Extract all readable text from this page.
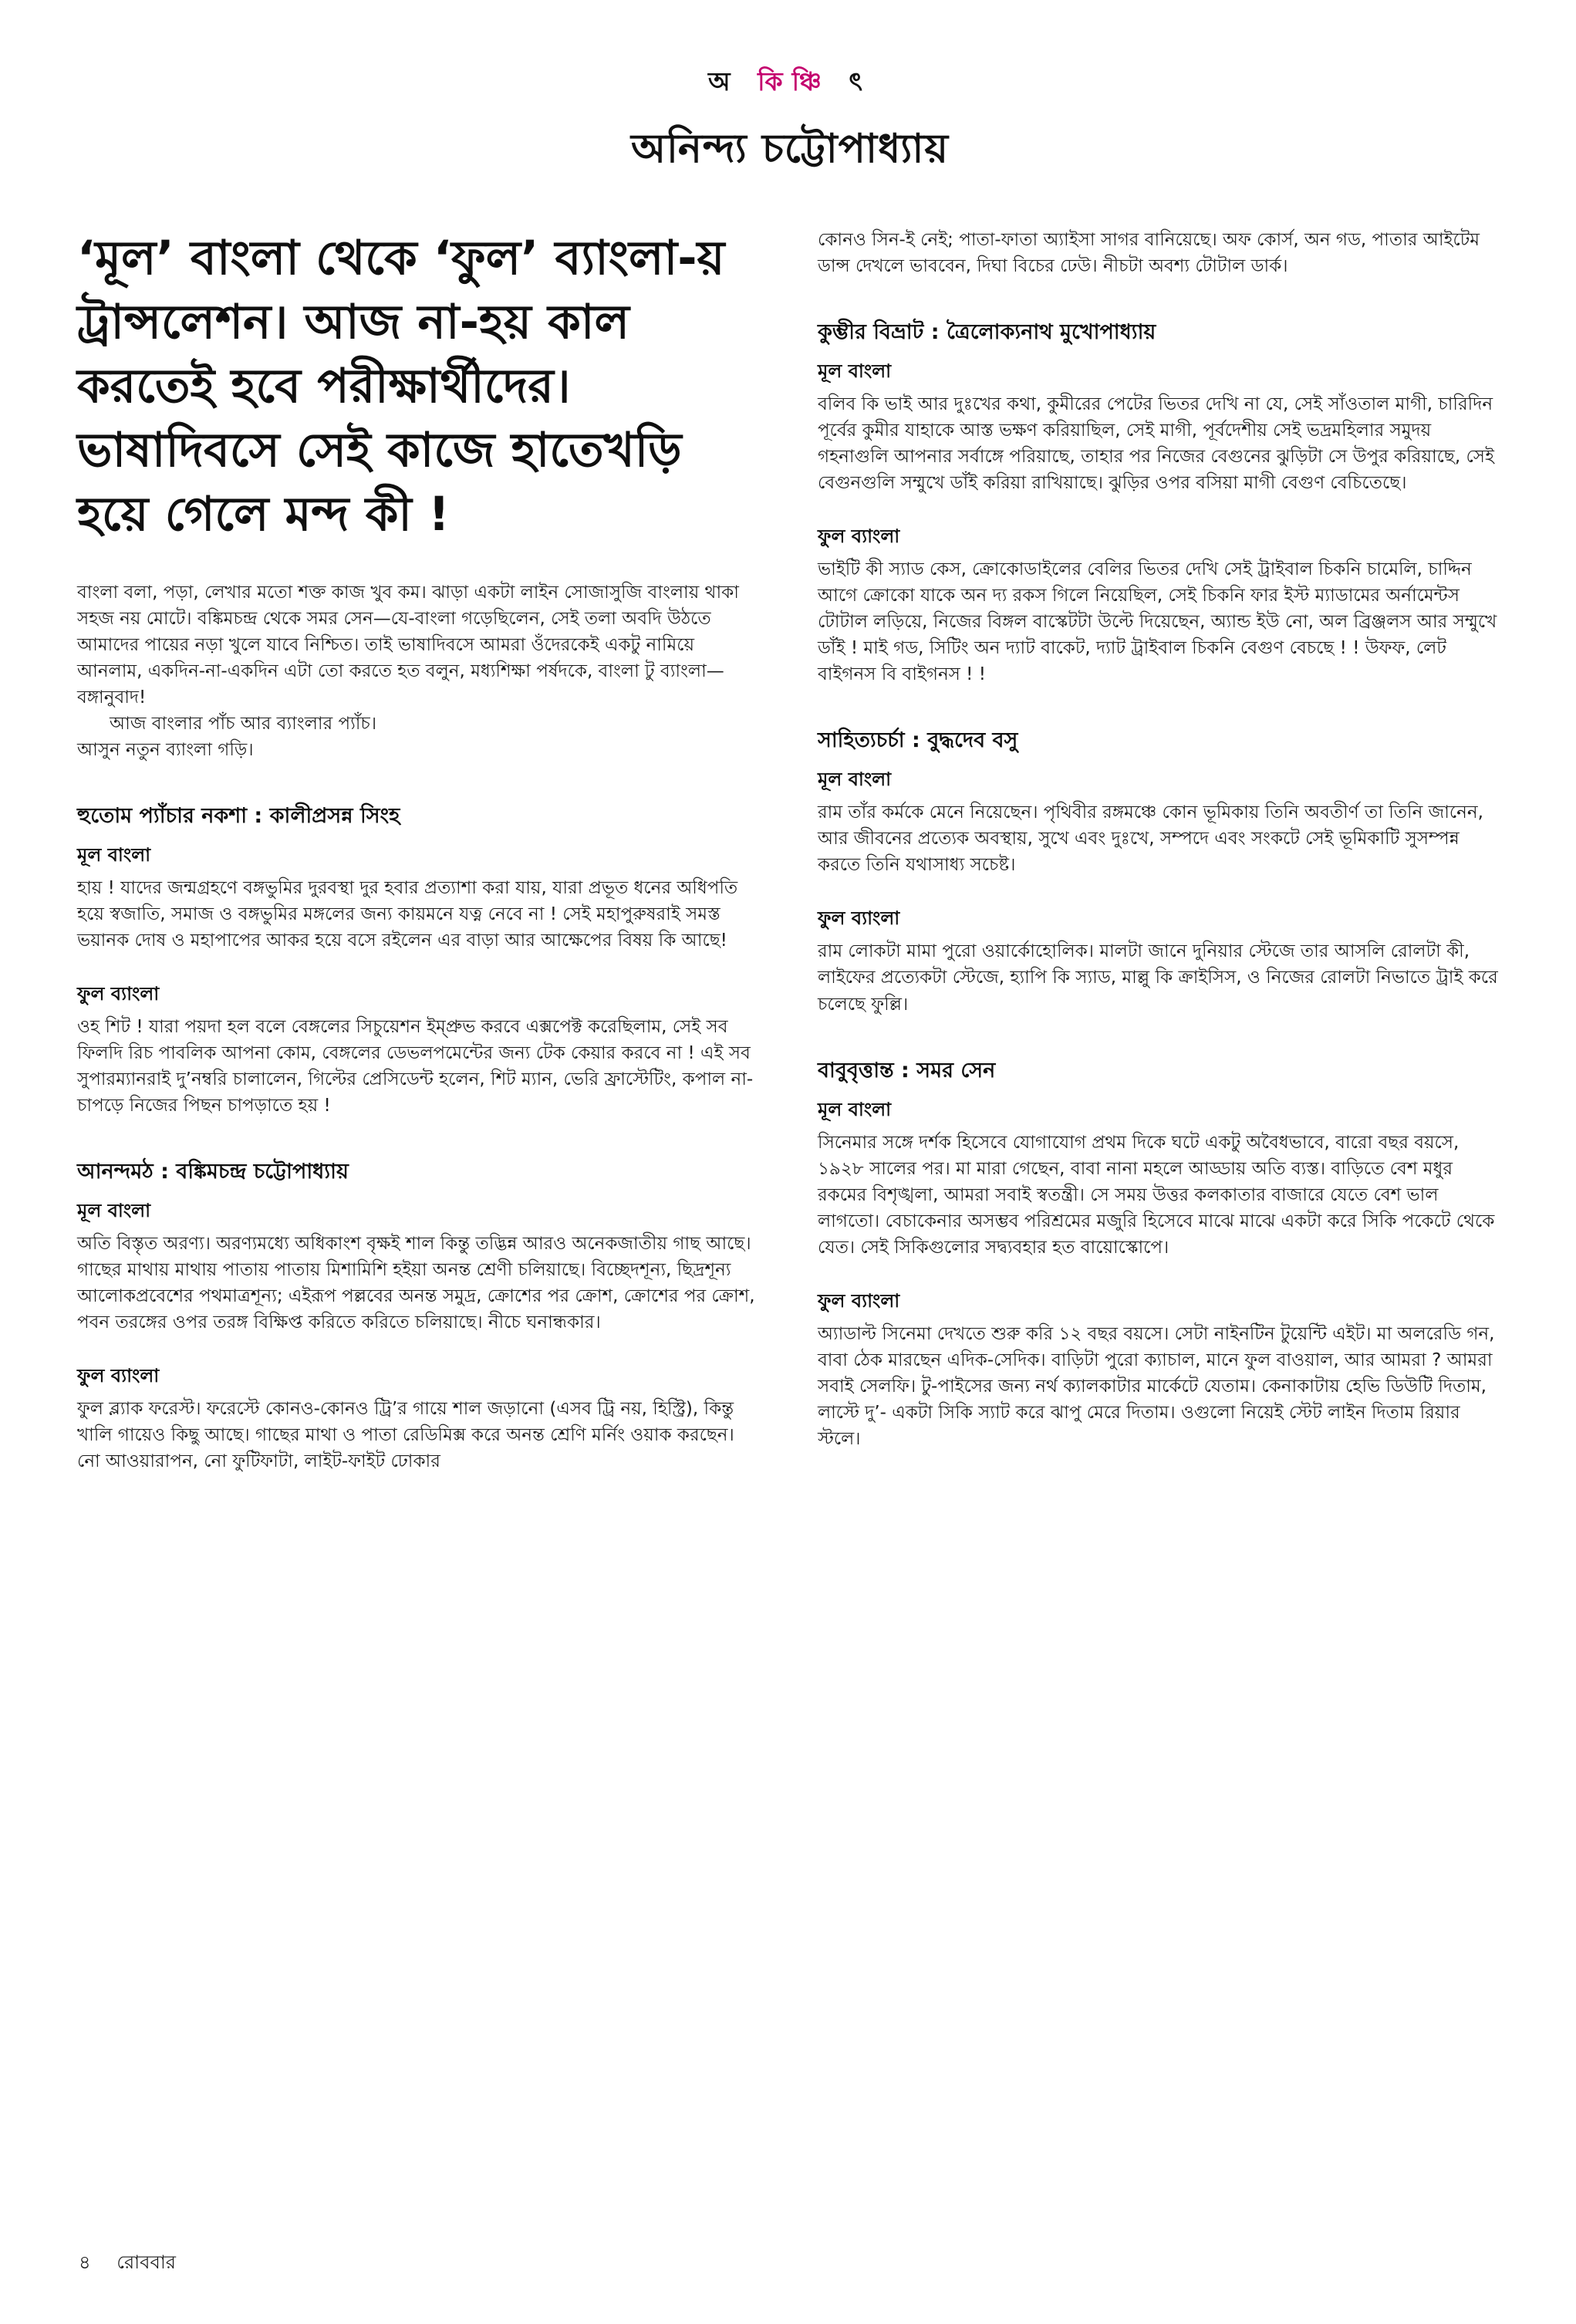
অ কিঞ্চি ৎ
অনিন্দ্য চট্টোপাধ্যায়
‘মূল’ বাংলা থেকে ‘ফুল’ ব্যাংলা-য় ট্রান্সলেশন। আজ না-হয় কাল করতেই হবে পরীক্ষার্থীদের। ভাষাদিবসে সেই কাজে হাতেখড়ি হয়ে গেলে মন্দ কী !

বাংলা বলা, পড়া, লেখার মতো শক্ত কাজ খুব কম। ঝাড়া একটা লাইন সোজাসুজি বাংলায় থাকা সহজ নয় মোটে। বঙ্কিমচন্দ্র থেকে সমর সেন—যে-বাংলা গড়েছিলেন, সেই তলা অবদি উঠতে আমাদের পায়ের নড়া খুলে যাবে নিশ্চিত। তাই ভাষাদিবসে আমরা ওঁদেরকেই একটু নামিয়ে আনলাম, একদিন-না-একদিন এটা তো করতে হত বলুন, মধ্যশিক্ষা পর্ষদকে, বাংলা টু ব্যাংলা—বঙ্গানুবাদ!

আজ বাংলার পাঁচ আর ব্যাংলার প্যাঁচ।

আসুন নতুন ব্যাংলা গড়ি।

হুতোম প্যাঁচার নকশা : কালীপ্রসন্ন সিংহ
মূল বাংলা

হায় ! যাদের জন্মগ্রহণে বঙ্গভুমির দুরবস্থা দুর হবার প্রত্যাশা করা যায়, যারা প্রভূত ধনের অধিপতি হয়ে স্বজাতি, সমাজ ও বঙ্গভুমির মঙ্গলের জন্য কায়মনে যত্ন নেবে না ! সেই মহাপুরুষরাই সমস্ত ভয়ানক দোষ ও মহাপাপের আকর হয়ে বসে রইলেন এর বাড়া আর আক্ষেপের বিষয় কি আছে!

ফুল ব্যাংলা

ওহ শিট ! যারা পয়দা হল বলে বেঙ্গলের সিচুয়েশন ইম্প্রুভ করবে এক্সপেক্ট করেছিলাম, সেই সব ফিলদি রিচ পাবলিক আপনা কোম, বেঙ্গলের ডেভলপমেন্টের জন্য টেক কেয়ার করবে না ! এই সব সুপারম্যানরাই দু’নম্বরি চালালেন, গিল্টের প্রেসিডেন্ট হলেন, শিট ম্যান, ভেরি ফ্রাস্টেটিং, কপাল না-চাপড়ে নিজের পিছন চাপড়াতে হয় !

আনন্দমঠ : বঙ্কিমচন্দ্র চট্টোপাধ্যায়
মূল বাংলা

অতি বিস্তৃত অরণ্য। অরণ্যমধ্যে অধিকাংশ বৃক্ষই শাল কিন্তু তদ্ভিন্ন আরও অনেকজাতীয় গাছ আছে। গাছের মাথায় মাথায় পাতায় পাতায় মিশামিশি হইয়া অনন্ত শ্রেণী চলিয়াছে। বিচ্ছেদশূন্য, ছিদ্রশূন্য আলোকপ্রবেশের পথমাত্রশূন্য; এইরূপ পল্লবের অনন্ত সমুদ্র, ক্রোশের পর ক্রোশ, ক্রোশের পর ক্রোশ, পবন তরঙ্গের ওপর তরঙ্গ বিক্ষিপ্ত করিতে করিতে চলিয়াছে। নীচে ঘনান্ধকার।

ফুল ব্যাংলা

ফুল ব্ল্যাক ফরেস্ট। ফরেস্টে কোনও-কোনও ট্রি’র গায়ে শাল জড়ানো (এসব ট্রি নয়, হিস্ট্রি), কিন্তু খালি গায়েও কিছু আছে। গাছের মাথা ও পাতা রেডিমিক্স করে অনন্ত শ্রেণি মর্নিং ওয়াক করছেন। নো আওয়ারাপন, নো ফুটিফাটা, লাইট-ফাইট ঢোকার

কোনও সিন-ই নেই; পাতা-ফাতা অ্যাইসা সাগর বানিয়েছে। অফ কোর্স, অন গড, পাতার আইটেম ডান্স দেখলে ভাববেন, দিঘা বিচের ঢেউ। নীচটা অবশ্য টোটাল ডার্ক।

কুম্ভীর বিভ্রাট : ত্রৈলোক্যনাথ মুখোপাধ্যায়
মূল বাংলা

বলিব কি ভাই আর দুঃখের কথা, কুমীরের পেটের ভিতর দেখি না যে, সেই সাঁওতাল মাগী, চারিদিন পূর্বের কুমীর যাহাকে আস্ত ভক্ষণ করিয়াছিল, সেই মাগী, পূর্বদেশীয় সেই ভদ্রমহিলার সমুদয় গহনাগুলি আপনার সর্বাঙ্গে পরিয়াছে, তাহার পর নিজের বেগুনের ঝুড়িটা সে উপুর করিয়াছে, সেই বেগুনগুলি সম্মুখে ডাঁই করিয়া রাখিয়াছে। ঝুড়ির ওপর বসিয়া মাগী বেগুণ বেচিতেছে।

ফুল ব্যাংলা

ভাইটি কী স্যাড কেস, ক্রোকোডাইলের বেলির ভিতর দেখি সেই ট্রাইবাল চিকনি চামেলি, চাদ্দিন আগে ক্রোকো যাকে অন দ্য রকস গিলে নিয়েছিল, সেই চিকনি ফার ইস্ট ম্যাডামের অর্নামেন্টস টোটাল লড়িয়ে, নিজের বিঙ্গল বাস্কেটটা উল্টে দিয়েছেন, অ্যান্ড ইউ নো, অল ব্রিঞ্জলস আর সম্মুখে ডাঁই ! মাই গড, সিটিং অন দ্যাট বাকেট, দ্যাট ট্রাইবাল চিকনি বেগুণ বেচছে ! ! উফফ, লেট বাইগনস বি বাইগনস ! !

সাহিত্যচর্চা : বুদ্ধদেব বসু
মূল বাংলা

রাম তাঁর কর্মকে মেনে নিয়েছেন। পৃথিবীর রঙ্গমঞ্চে কোন ভূমিকায় তিনি অবতীর্ণ তা তিনি জানেন, আর জীবনের প্রত্যেক অবস্থায়, সুখে এবং দুঃখে, সম্পদে এবং সংকটে সেই ভূমিকাটি সুসম্পন্ন করতে তিনি যথাসাধ্য সচেষ্ট।

ফুল ব্যাংলা

রাম লোকটা মামা পুরো ওয়ার্কোহোলিক। মালটা জানে দুনিয়ার স্টেজে তার আসলি রোলটা কী, লাইফের প্রত্যেকটা স্টেজে, হ্যাপি কি স্যাড, মাল্লু কি ক্রাইসিস, ও নিজের রোলটা নিভাতে ট্রাই করে চলেছে ফুল্লি।

বাবুবৃত্তান্ত : সমর সেন
মূল বাংলা

সিনেমার সঙ্গে দর্শক হিসেবে যোগাযোগ প্রথম দিকে ঘটে একটু অবৈধভাবে, বারো বছর বয়সে, ১৯২৮ সালের পর। মা মারা গেছেন, বাবা নানা মহলে আড্ডায় অতি ব্যস্ত। বাড়িতে বেশ মধুর রকমের বিশৃঙ্খলা, আমরা সবাই স্বতন্ত্রী। সে সময় উত্তর কলকাতার বাজারে যেতে বেশ ভাল লাগতো। বেচাকেনার অসম্ভব পরিশ্রমের মজুরি হিসেবে মাঝে মাঝে একটা করে সিকি পকেটে থেকে যেত। সেই সিকিগুলোর সদ্ব্যবহার হত বায়োস্কোপে।

ফুল ব্যাংলা

অ্যাডাল্ট সিনেমা দেখতে শুরু করি ১২ বছর বয়সে। সেটা নাইনটিন টুয়েন্টি এইট। মা অলরেডি গন, বাবা ঠেক মারছেন এদিক-সেদিক। বাড়িটা পুরো ক্যাচাল, মানে ফুল বাওয়াল, আর আমরা ? আমরা সবাই সেলফি। টু-পাইসের জন্য নর্থ ক্যালকাটার মার্কেটে যেতাম। কেনাকাটায় হেভি ডিউটি দিতাম, লাস্টে দু’- একটা সিকি স্যাট করে ঝাপু মেরে দিতাম। ওগুলো নিয়েই স্টেট লাইন দিতাম রিয়ার স্টলে।

৪ রোববার
